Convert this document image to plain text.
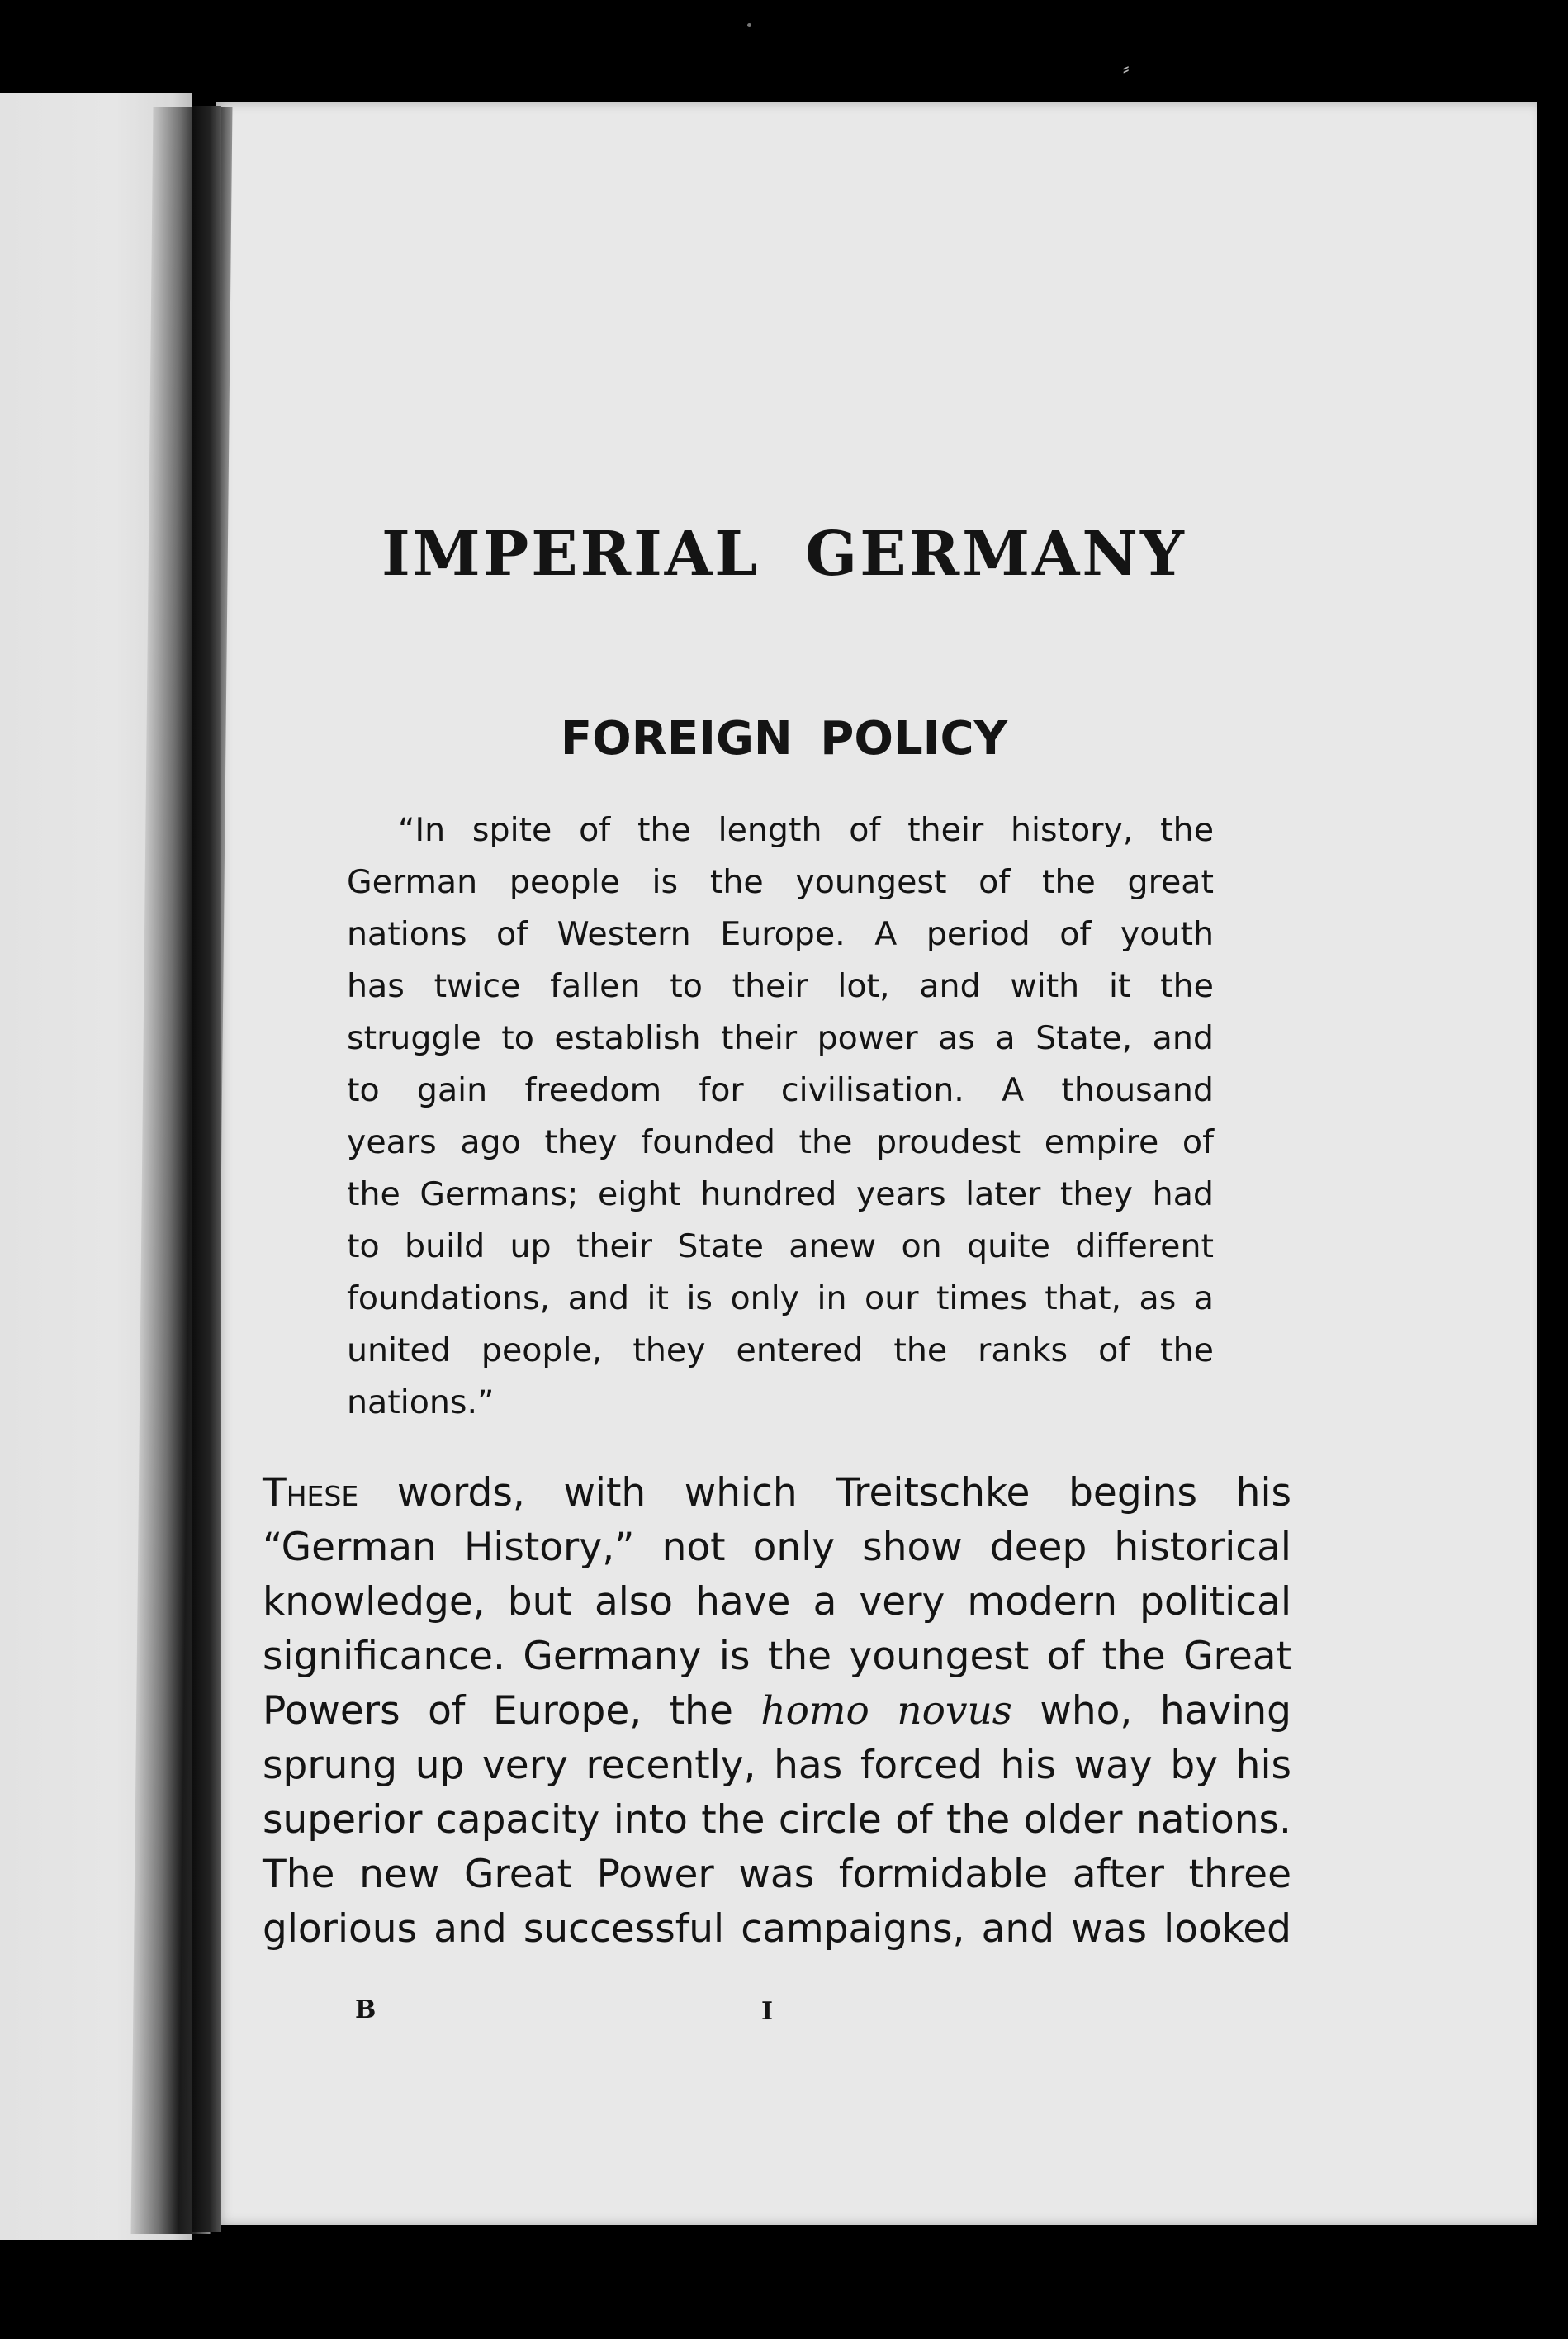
⸗
IMPERIAL GERMANY
FOREIGN POLICY
“In spite of the length of their history, the
German people is the youngest of the great
nations of Western Europe. A period of youth
has twice fallen to their lot, and with it the
struggle to establish their power as a State, and
to gain freedom for civilisation. A thousand
years ago they founded the proudest empire of
the Germans; eight hundred years later they had
to build up their State anew on quite different
foundations, and it is only in our times that, as a
united people, they entered the ranks of the
nations.”
These words, with which Treitschke begins his
“German History,” not only show deep historical
knowledge, but also have a very modern political
significance. Germany is the youngest of the Great
Powers of Europe, the homo novus who, having
sprung up very recently, has forced his way by his
superior capacity into the circle of the older nations.
The new Great Power was formidable after three
glorious and successful campaigns, and was looked
B	I
